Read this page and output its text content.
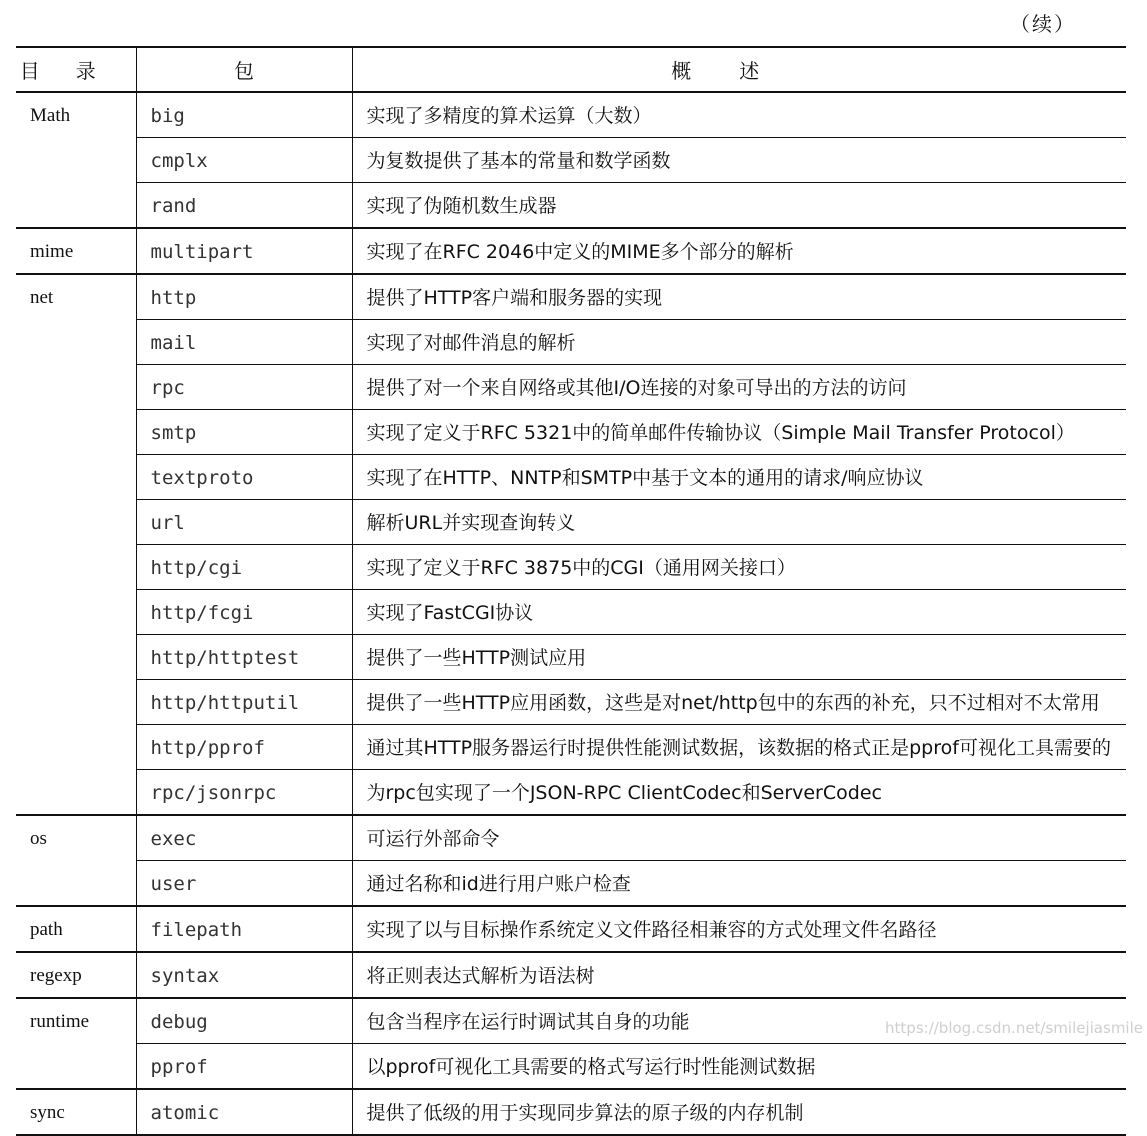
（续）
目录	包	概述
Math	big	实现了多精度的算术运算（大数）
	cmplx	为复数提供了基本的常量和数学函数
	rand	实现了伪随机数生成器
mime	multipart	实现了在RFC 2046中定义的MIME多个部分的解析
net	http	提供了HTTP客户端和服务器的实现
	mail	实现了对邮件消息的解析
	rpc	提供了对一个来自网络或其他I/O连接的对象可导出的方法的访问
	smtp	实现了定义于RFC 5321中的简单邮件传输协议（Simple Mail Transfer Protocol）
	textproto	实现了在HTTP、NNTP和SMTP中基于文本的通用的请求/响应协议
	url	解析URL并实现查询转义
	http/cgi	实现了定义于RFC 3875中的CGI（通用网关接口）
	http/fcgi	实现了FastCGI协议
	http/httptest	提供了一些HTTP测试应用
	http/httputil	提供了一些HTTP应用函数，这些是对net/http包中的东西的补充，只不过相对不太常用
	http/pprof	通过其HTTP服务器运行时提供性能测试数据，该数据的格式正是pprof可视化工具需要的
	rpc/jsonrpc	为rpc包实现了一个JSON-RPC ClientCodec和ServerCodec
os	exec	可运行外部命令
	user	通过名称和id进行用户账户检查
path	filepath	实现了以与目标操作系统定义文件路径相兼容的方式处理文件名路径
regexp	syntax	将正则表达式解析为语法树
runtime	debug	包含当程序在运行时调试其自身的功能
	pprof	以pprof可视化工具需要的格式写运行时性能测试数据
sync	atomic	提供了低级的用于实现同步算法的原子级的内存机制
https://blog.csdn.net/smilejiasmile
